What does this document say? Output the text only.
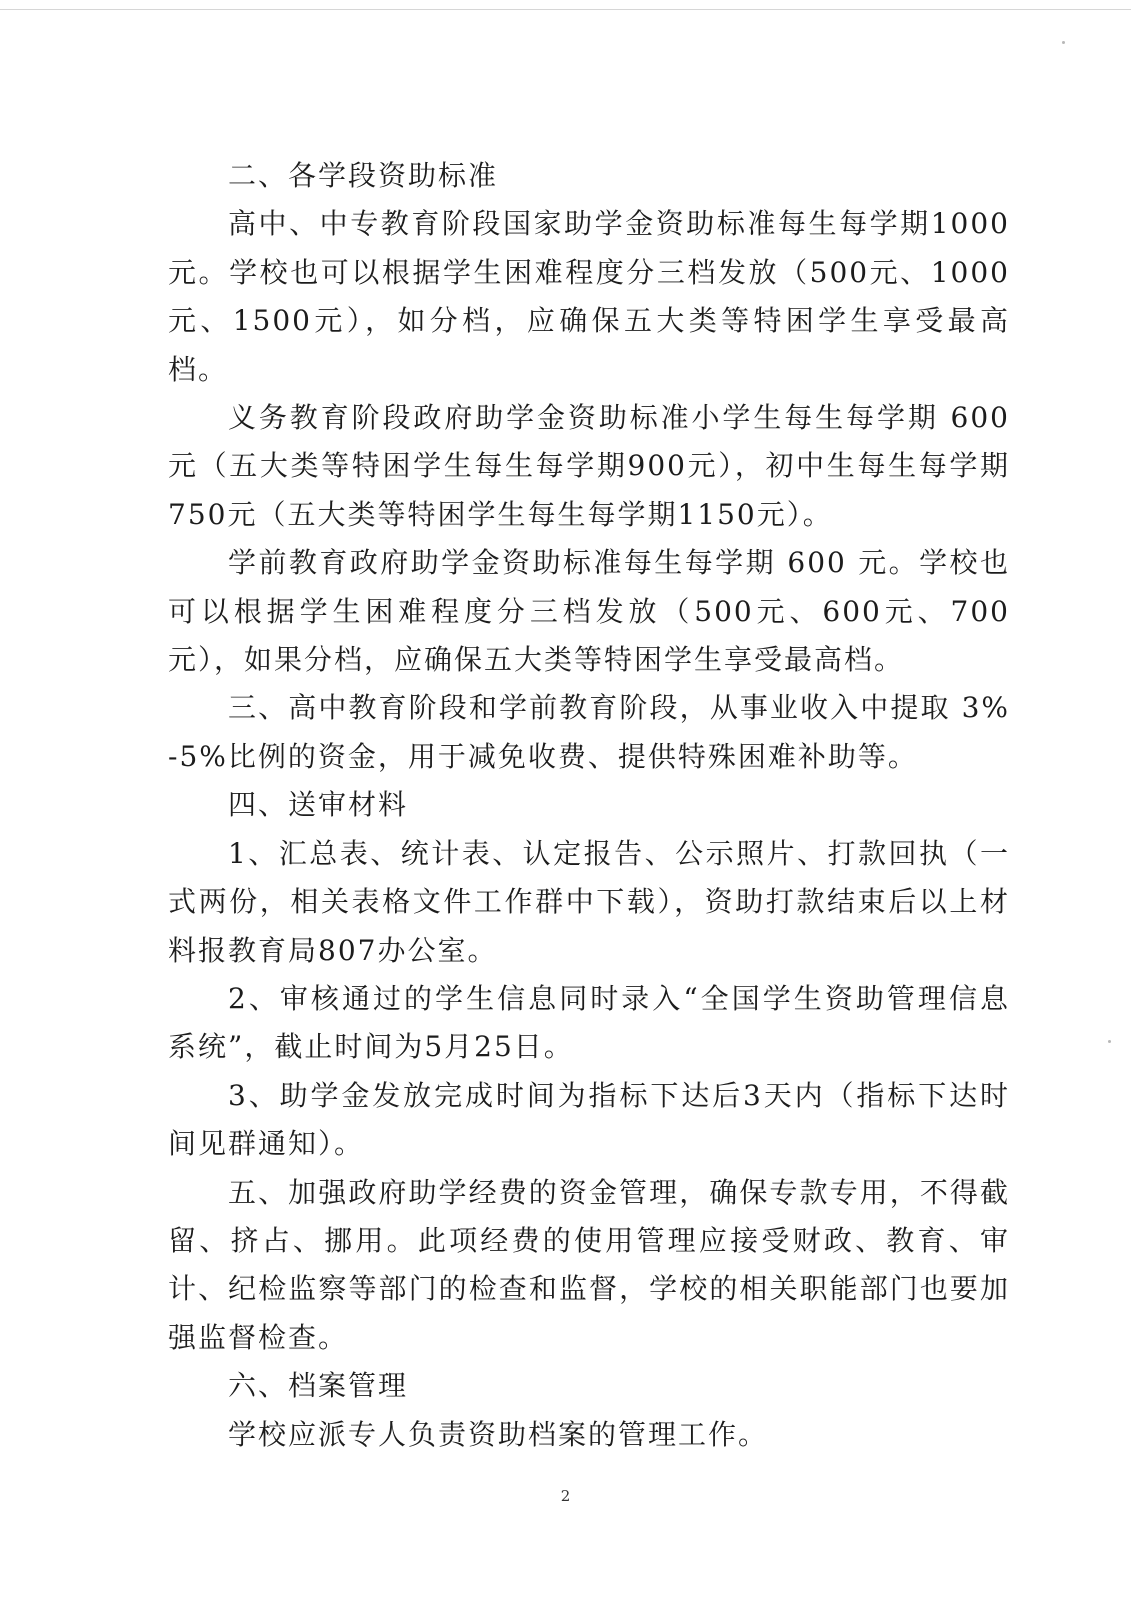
二、各学段资助标准

高中、中专教育阶段国家助学金资助标准每生每学期1000元。学校也可以根据学生困难程度分三档发放（500元、1000元、1500元），如分档，应确保五大类等特困学生享受最高档。

义务教育阶段政府助学金资助标准小学生每生每学期 600 元（五大类等特困学生每生每学期900元），初中生每生每学期750元（五大类等特困学生每生每学期1150元）。

学前教育政府助学金资助标准每生每学期 600 元。学校也可以根据学生困难程度分三档发放（500元、600元、700元），如果分档，应确保五大类等特困学生享受最高档。

三、高中教育阶段和学前教育阶段，从事业收入中提取 3%-5%比例的资金，用于减免收费、提供特殊困难补助等。

四、送审材料

1、汇总表、统计表、认定报告、公示照片、打款回执（一式两份，相关表格文件工作群中下载），资助打款结束后以上材料报教育局807办公室。

2、审核通过的学生信息同时录入“全国学生资助管理信息系统”，截止时间为5月25日。

3、助学金发放完成时间为指标下达后3天内（指标下达时间见群通知）。

五、加强政府助学经费的资金管理，确保专款专用，不得截留、挤占、挪用。此项经费的使用管理应接受财政、教育、审计、纪检监察等部门的检查和监督，学校的相关职能部门也要加强监督检查。

六、档案管理

学校应派专人负责资助档案的管理工作。

2
